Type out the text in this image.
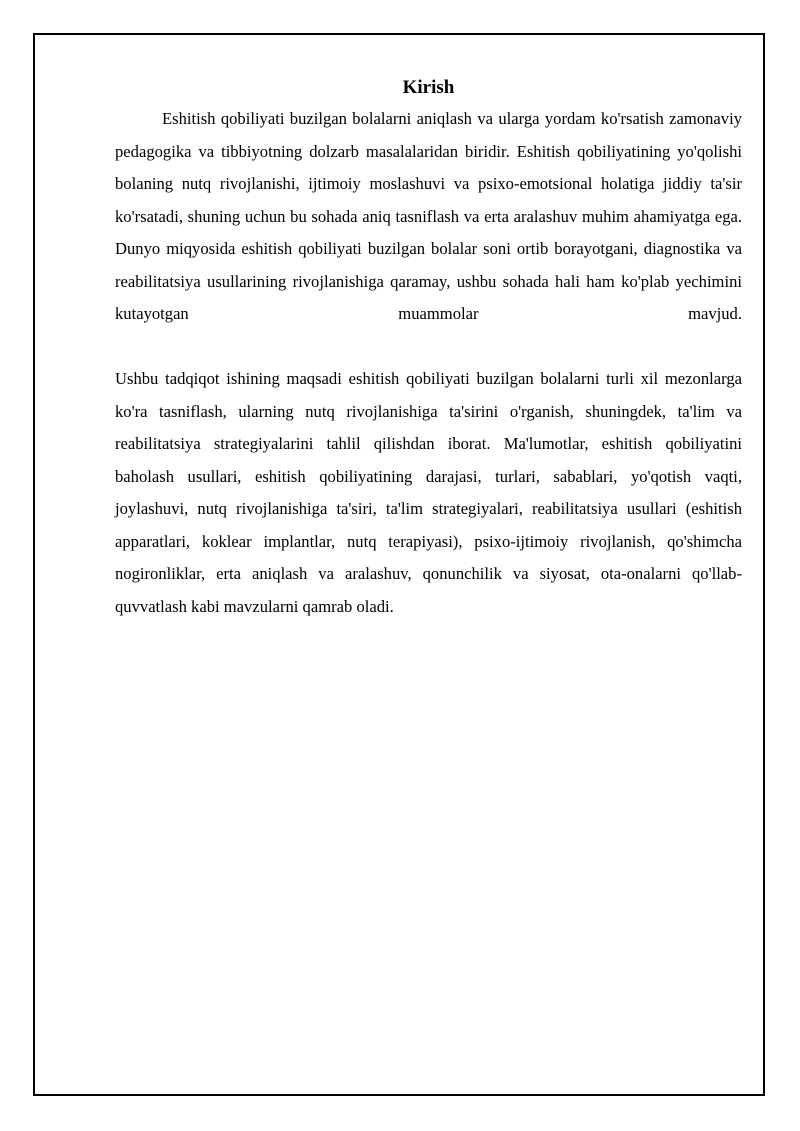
Kirish

Eshitish qobiliyati buzilgan bolalarni aniqlash va ularga yordam ko'rsatish zamonaviy pedagogika va tibbiyotning dolzarb masalalaridan biridir. Eshitish qobiliyatining yo'qolishi bolaning nutq rivojlanishi, ijtimoiy moslashuvi va psixo-emotsional holatiga jiddiy ta'sir ko'rsatadi, shuning uchun bu sohada aniq tasniflash va erta aralashuv muhim ahamiyatga ega. Dunyo miqyosida eshitish qobiliyati buzilgan bolalar soni ortib borayotgani, diagnostika va reabilitatsiya usullarining rivojlanishiga qaramay, ushbu sohada hali ham ko'plab yechimini kutayotgan muammolar mavjud.

Ushbu tadqiqot ishining maqsadi eshitish qobiliyati buzilgan bolalarni turli xil mezonlarga ko'ra tasniflash, ularning nutq rivojlanishiga ta'sirini o'rganish, shuningdek, ta'lim va reabilitatsiya strategiyalarini tahlil qilishdan iborat. Ma'lumotlar, eshitish qobiliyatini baholash usullari, eshitish qobiliyatining darajasi, turlari, sabablari, yo'qotish vaqti, joylashuvi, nutq rivojlanishiga ta'siri, ta'lim strategiyalari, reabilitatsiya usullari (eshitish apparatlari, koklear implantlar, nutq terapiyasi), psixo-ijtimoiy rivojlanish, qo'shimcha nogironliklar, erta aniqlash va aralashuv, qonunchilik va siyosat, ota-onalarni qo'llab-quvvatlash kabi mavzularni qamrab oladi.
